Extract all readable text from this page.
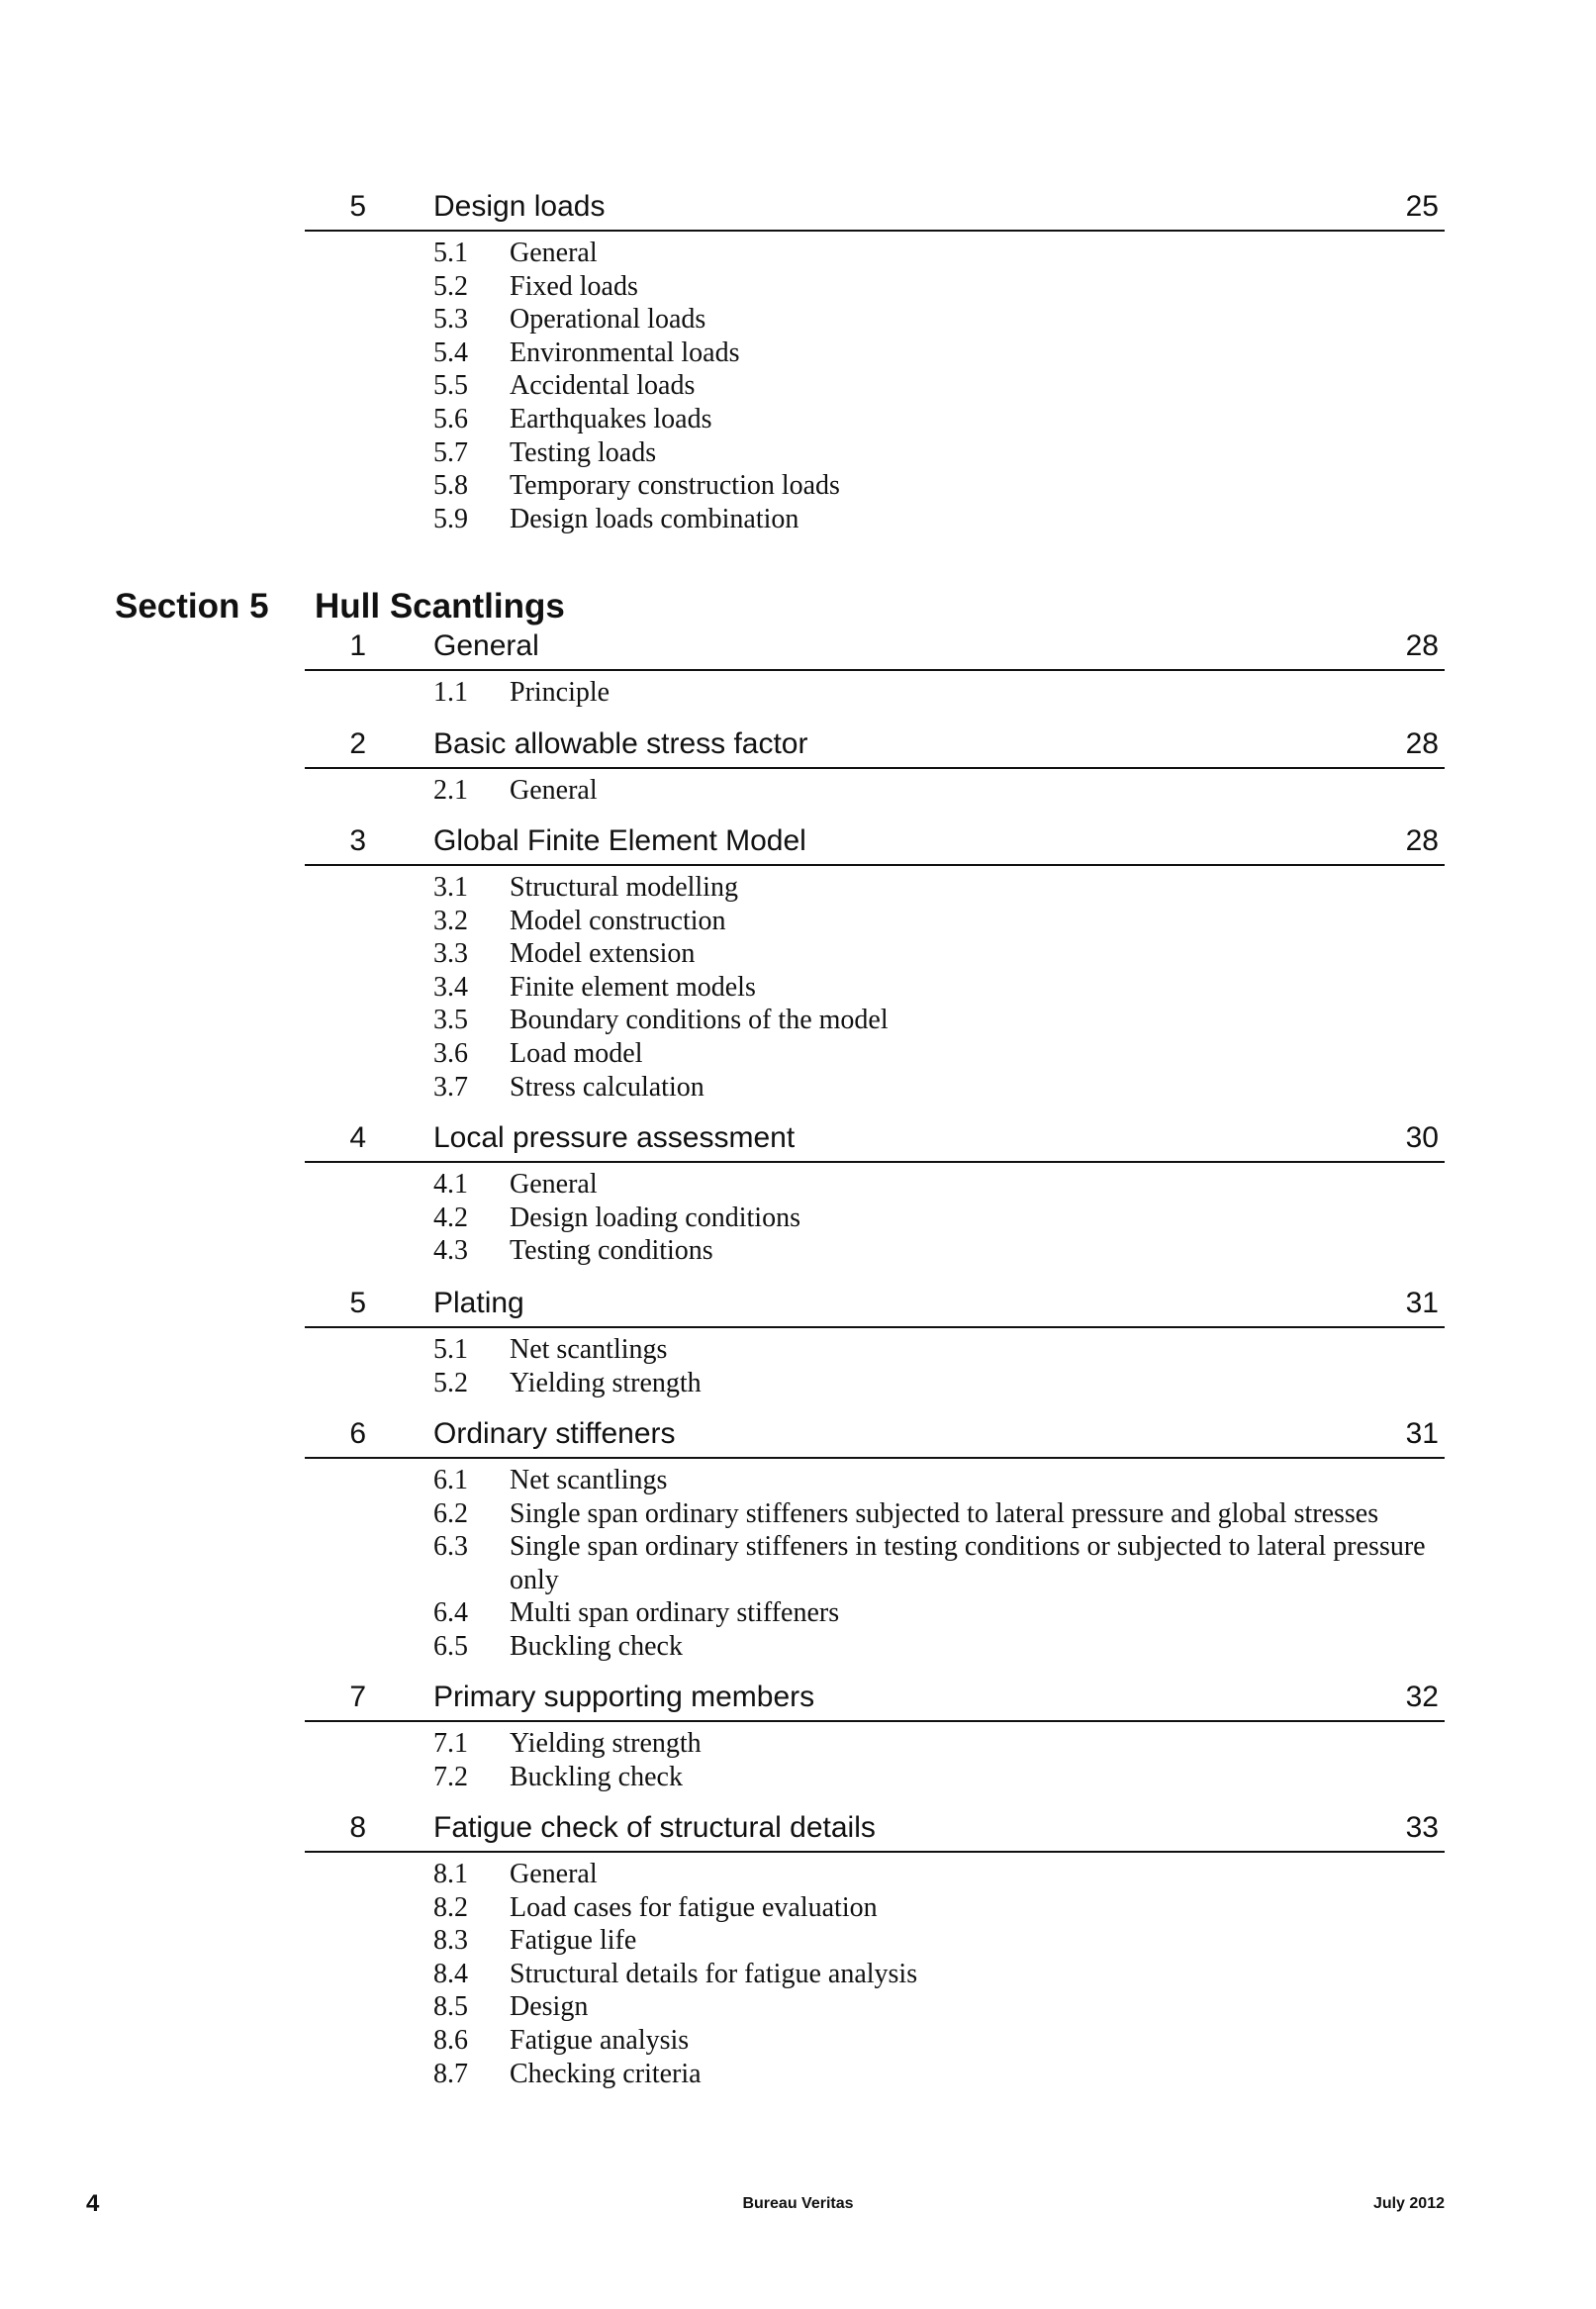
Section 5 Hull Scantlings
5 Design loads	25
5.1 General
5.2 Fixed loads
5.3 Operational loads
5.4 Environmental loads
5.5 Accidental loads
5.6 Earthquakes loads
5.7 Testing loads
5.8 Temporary construction loads
5.9 Design loads combination
1 General	28
1.1 Principle
2 Basic allowable stress factor	28
2.1 General
3 Global Finite Element Model	28
3.1 Structural modelling
3.2 Model construction
3.3 Model extension
3.4 Finite element models
3.5 Boundary conditions of the model
3.6 Load model
3.7 Stress calculation
4 Local pressure assessment	30
4.1 General
4.2 Design loading conditions
4.3 Testing conditions
5 Plating	31
5.1 Net scantlings
5.2 Yielding strength
6 Ordinary stiffeners	31
6.1 Net scantlings
6.2 Single span ordinary stiffeners subjected to lateral pressure and global stresses
6.3 Single span ordinary stiffeners in testing conditions or subjected to lateral pressure only
6.4 Multi span ordinary stiffeners
6.5 Buckling check
7 Primary supporting members	32
7.1 Yielding strength
7.2 Buckling check
8 Fatigue check of structural details	33
8.1 General
8.2 Load cases for fatigue evaluation
8.3 Fatigue life
8.4 Structural details for fatigue analysis
8.5 Design
8.6 Fatigue analysis
8.7 Checking criteria
4	Bureau Veritas	July 2012
